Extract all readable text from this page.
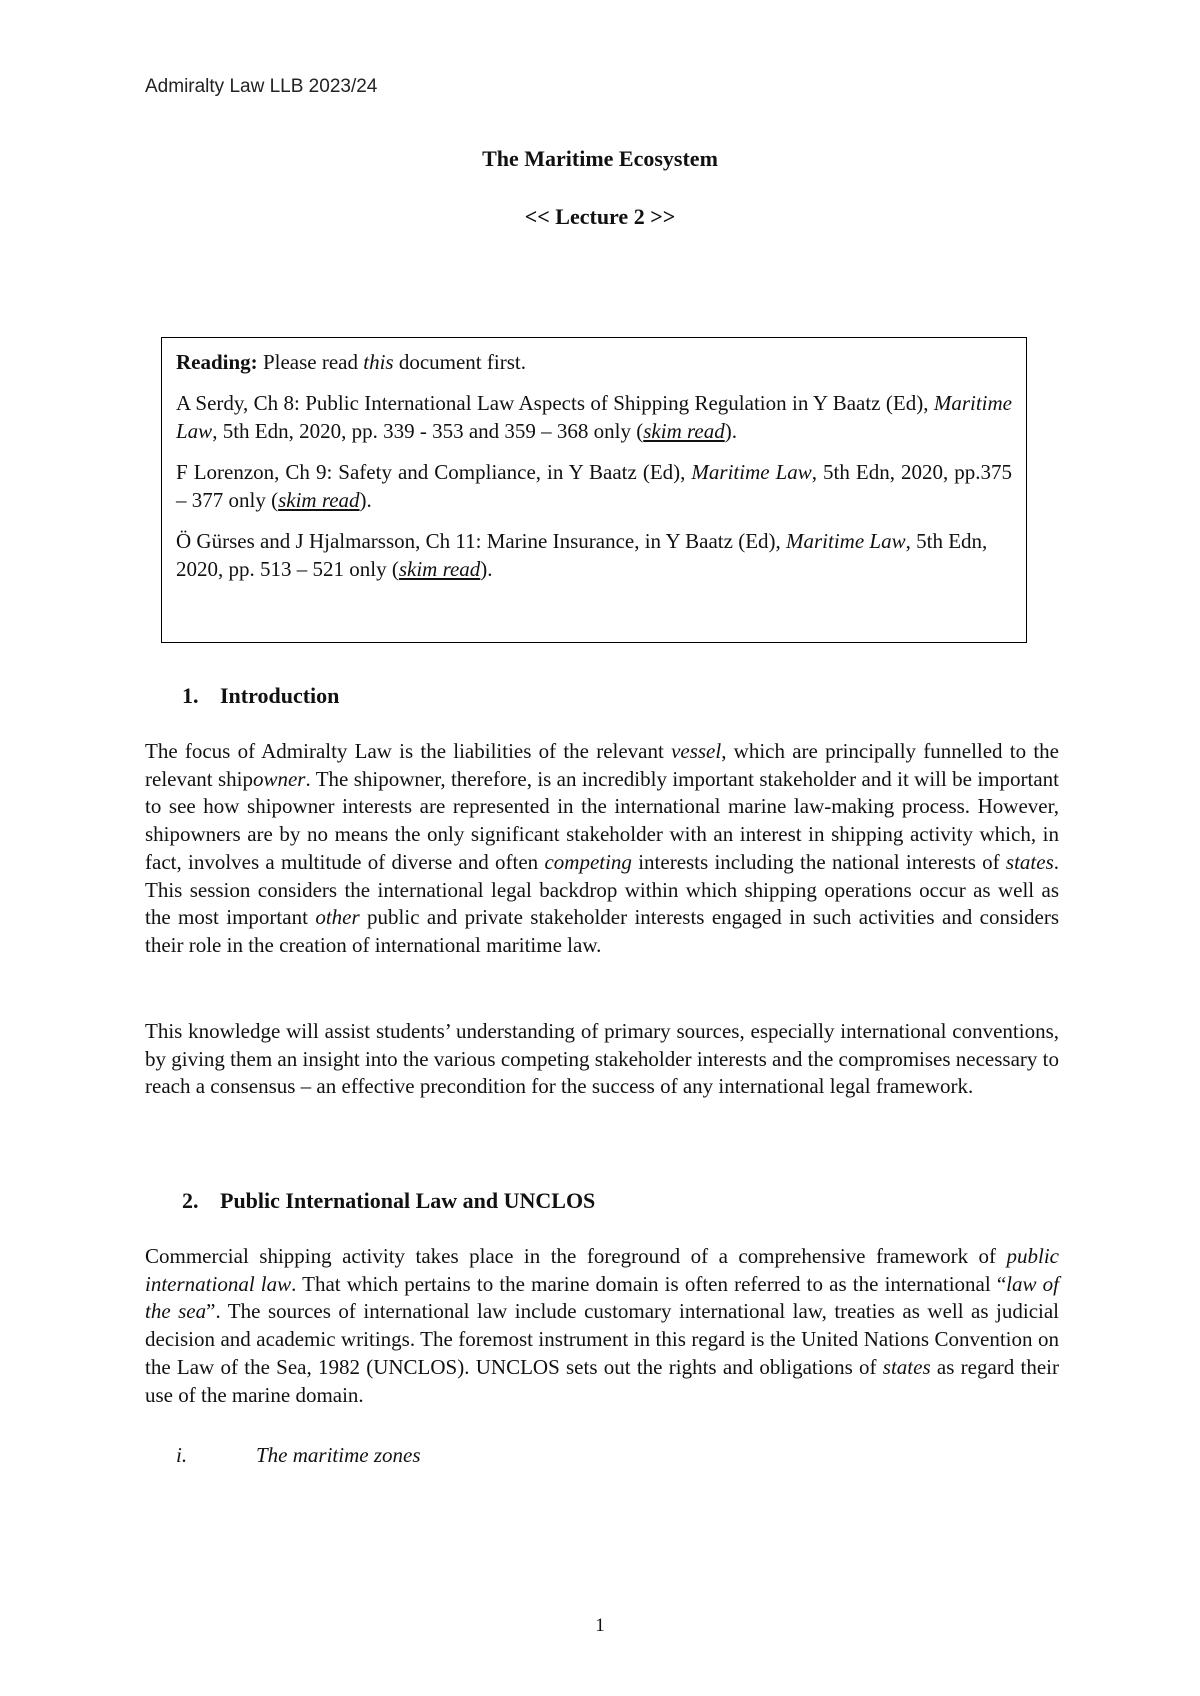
Admiralty Law LLB 2023/24
The Maritime Ecosystem
<< Lecture 2 >>

Reading: Please read this document first.

A Serdy, Ch 8: Public International Law Aspects of Shipping Regulation in Y Baatz (Ed), Maritime Law, 5th Edn, 2020, pp. 339 - 353 and 359 – 368 only (skim read).

F Lorenzon, Ch 9: Safety and Compliance, in Y Baatz (Ed), Maritime Law, 5th Edn, 2020, pp.375 – 377 only (skim read).

Ö Gürses and J Hjalmarsson, Ch 11: Marine Insurance, in Y Baatz (Ed), Maritime Law, 5th Edn, 2020, pp. 513 – 521 only (skim read).

1. Introduction

The focus of Admiralty Law is the liabilities of the relevant vessel, which are principally funnelled to the relevant shipowner. The shipowner, therefore, is an incredibly important stakeholder and it will be important to see how shipowner interests are represented in the international marine law-making process. However, shipowners are by no means the only significant stakeholder with an interest in shipping activity which, in fact, involves a multitude of diverse and often competing interests including the national interests of states. This session considers the international legal backdrop within which shipping operations occur as well as the most important other public and private stakeholder interests engaged in such activities and considers their role in the creation of international maritime law.

This knowledge will assist students’ understanding of primary sources, especially international conventions, by giving them an insight into the various competing stakeholder interests and the compromises necessary to reach a consensus – an effective precondition for the success of any international legal framework.

2. Public International Law and UNCLOS

Commercial shipping activity takes place in the foreground of a comprehensive framework of public international law. That which pertains to the marine domain is often referred to as the international “law of the sea”. The sources of international law include customary international law, treaties as well as judicial decision and academic writings. The foremost instrument in this regard is the United Nations Convention on the Law of the Sea, 1982 (UNCLOS). UNCLOS sets out the rights and obligations of states as regard their use of the marine domain.

i.	The maritime zones
1
